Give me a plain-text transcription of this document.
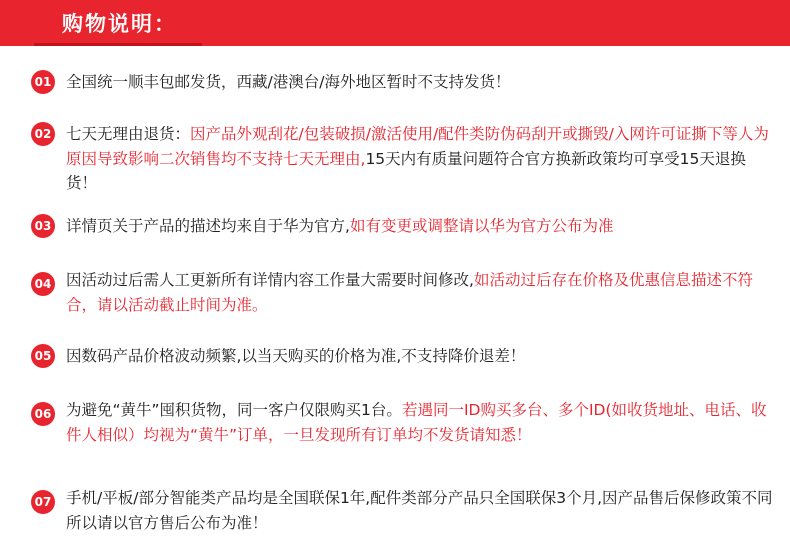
购物说明：
01 全国统一顺丰包邮发货，西藏/港澳台/海外地区暂时不支持发货！
02 七天无理由退货：因产品外观刮花/包装破损/激活使用/配件类防伪码刮开或撕毁/入网许可证撕下等人为原因导致影响二次销售均不支持七天无理由,15天内有质量问题符合官方换新政策均可享受15天退换货！
03 详情页关于产品的描述均来自于华为官方,如有变更或调整请以华为官方公布为准
04 因活动过后需人工更新所有详情内容工作量大需要时间修改,如活动过后存在价格及优惠信息描述不符合，请以活动截止时间为准。
05 因数码产品价格波动频繁,以当天购买的价格为准,不支持降价退差！
06 为避免“黄牛”囤积货物，同一客户仅限购买1台。若遇同一ID购买多台、多个ID(如收货地址、电话、收件人相似）均视为“黄牛”订单，一旦发现所有订单均不发货请知悉！
07 手机/平板/部分智能类产品均是全国联保1年,配件类部分产品只全国联保3个月,因产品售后保修政策不同所以请以官方售后公布为准！
